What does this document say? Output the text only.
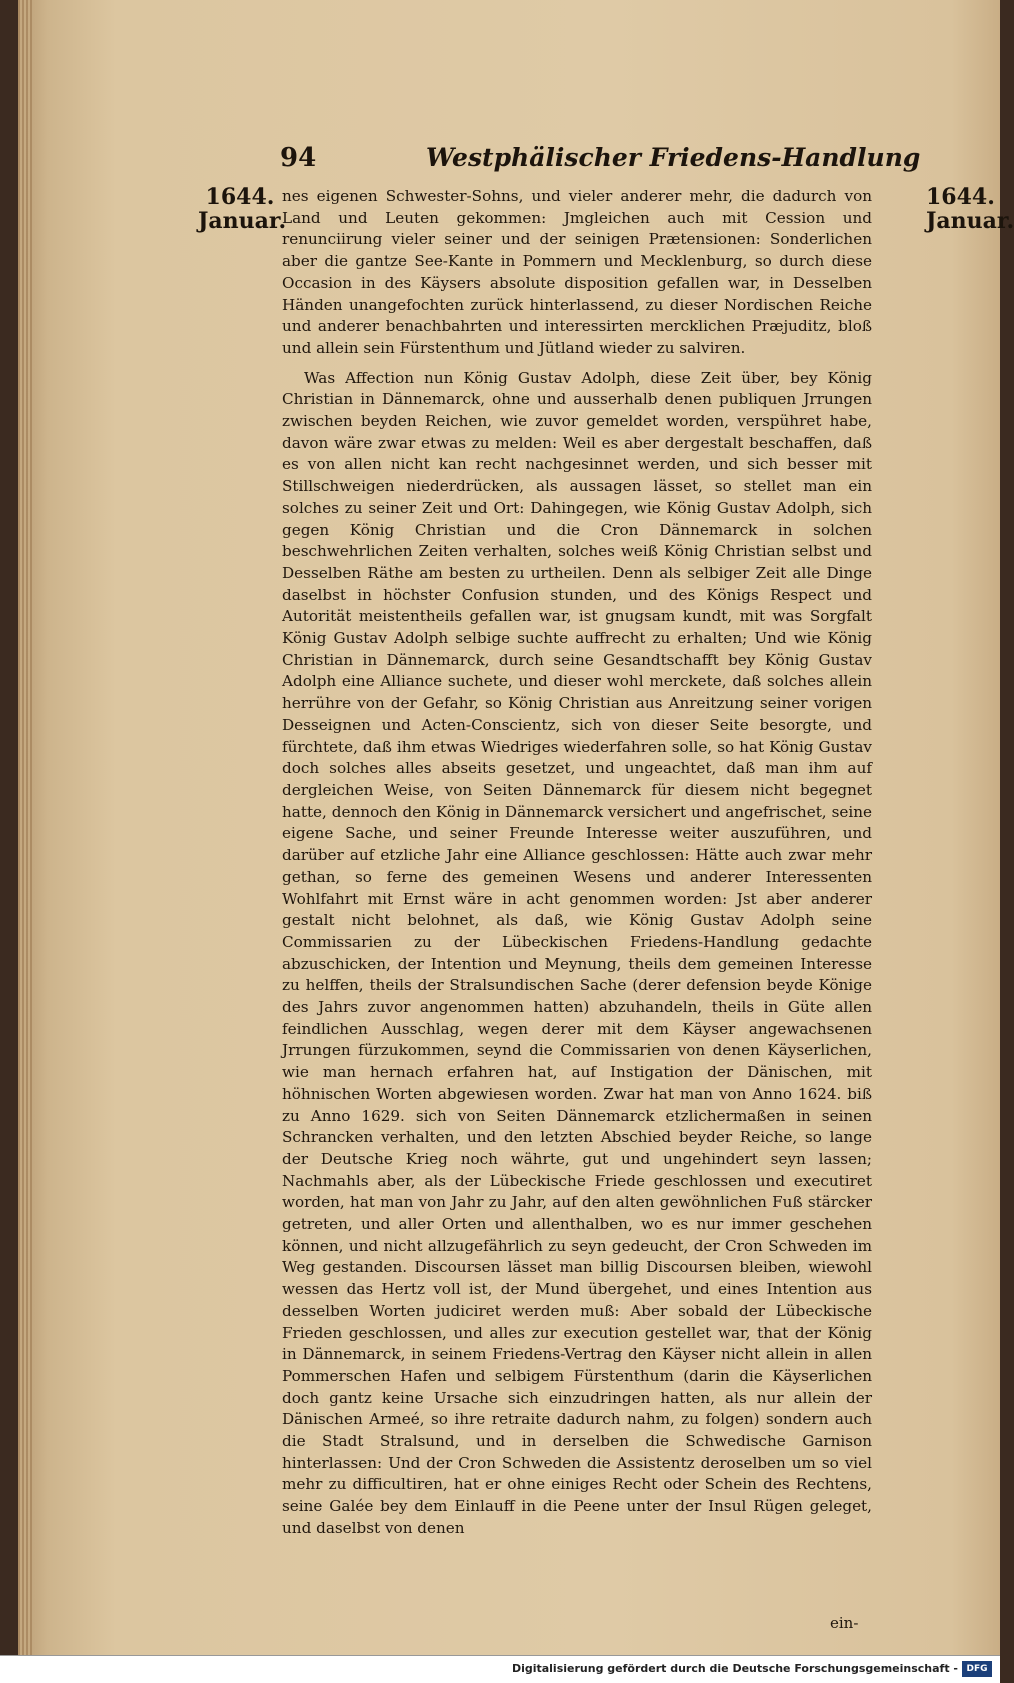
94	Westphälischer Friedens-Handlung
1644.
Januar.
1644.
Januar.

nes eigenen Schwester-Sohns, und vieler anderer mehr, die dadurch von Land und Leuten gekommen: Jmgleichen auch mit Cession und renunciirung vieler seiner und der seinigen Prætensionen: Sonderlichen aber die gantze See-Kante in Pommern und Mecklenburg, so durch diese Occasion in des Käysers absolute disposition gefallen war, in Desselben Händen unangefochten zurück hinterlassend, zu dieser Nordischen Reiche und anderer benachbahrten und interessirten mercklichen Præjuditz, bloß und allein sein Fürstenthum und Jütland wieder zu salviren.

Was Affection nun König Gustav Adolph, diese Zeit über, bey König Christian in Dännemarck, ohne und ausserhalb denen publiquen Jrrungen zwischen beyden Reichen, wie zuvor gemeldet worden, verspühret habe, davon wäre zwar etwas zu melden: Weil es aber dergestalt beschaffen, daß es von allen nicht kan recht nachgesinnet werden, und sich besser mit Stillschweigen niederdrücken, als aussagen lässet, so stellet man ein solches zu seiner Zeit und Ort: Dahingegen, wie König Gustav Adolph, sich gegen König Christian und die Cron Dännemarck in solchen beschwehrlichen Zeiten verhalten, solches weiß König Christian selbst und Desselben Räthe am besten zu urtheilen. Denn als selbiger Zeit alle Dinge daselbst in höchster Confusion stunden, und des Königs Respect und Autorität meistentheils gefallen war, ist gnugsam kundt, mit was Sorgfalt König Gustav Adolph selbige suchte auffrecht zu erhalten; Und wie König Christian in Dännemarck, durch seine Gesandtschafft bey König Gustav Adolph eine Alliance suchete, und dieser wohl merckete, daß solches allein herrühre von der Gefahr, so König Christian aus Anreitzung seiner vorigen Desseignen und Acten-Conscientz, sich von dieser Seite besorgte, und fürchtete, daß ihm etwas Wiedriges wiederfahren solle, so hat König Gustav doch solches alles abseits gesetzet, und ungeachtet, daß man ihm auf dergleichen Weise, von Seiten Dännemarck für diesem nicht begegnet hatte, dennoch den König in Dännemarck versichert und angefrischet, seine eigene Sache, und seiner Freunde Interesse weiter auszuführen, und darüber auf etzliche Jahr eine Alliance geschlossen: Hätte auch zwar mehr gethan, so ferne des gemeinen Wesens und anderer Interessenten Wohlfahrt mit Ernst wäre in acht genommen worden: Jst aber anderer gestalt nicht belohnet, als daß, wie König Gustav Adolph seine Commissarien zu der Lübeckischen Friedens-Handlung gedachte abzuschicken, der Intention und Meynung, theils dem gemeinen Interesse zu helffen, theils der Stralsundischen Sache (derer defension beyde Könige des Jahrs zuvor angenommen hatten) abzuhandeln, theils in Güte allen feindlichen Ausschlag, wegen derer mit dem Käyser angewachsenen Jrrungen fürzukommen, seynd die Commissarien von denen Käyserlichen, wie man hernach erfahren hat, auf Instigation der Dänischen, mit höhnischen Worten abgewiesen worden. Zwar hat man von Anno 1624. biß zu Anno 1629. sich von Seiten Dännemarck etzlichermaßen in seinen Schrancken verhalten, und den letzten Abschied beyder Reiche, so lange der Deutsche Krieg noch währte, gut und ungehindert seyn lassen; Nachmahls aber, als der Lübeckische Friede geschlossen und executiret worden, hat man von Jahr zu Jahr, auf den alten gewöhnlichen Fuß stärcker getreten, und aller Orten und allenthalben, wo es nur immer geschehen können, und nicht allzugefährlich zu seyn gedeucht, der Cron Schweden im Weg gestanden. Discoursen lässet man billig Discoursen bleiben, wiewohl wessen das Hertz voll ist, der Mund übergehet, und eines Intention aus desselben Worten judiciret werden muß: Aber sobald der Lübeckische Frieden geschlossen, und alles zur execution gestellet war, that der König in Dännemarck, in seinem Friedens-Vertrag den Käyser nicht allein in allen Pommerschen Hafen und selbigem Fürstenthum (darin die Käyserlichen doch gantz keine Ursache sich einzudringen hatten, als nur allein der Dänischen Armeé, so ihre retraite dadurch nahm, zu folgen) sondern auch die Stadt Stralsund, und in derselben die Schwedische Garnison hinterlassen: Und der Cron Schweden die Assistentz deroselben um so viel mehr zu difficultiren, hat er ohne einiges Recht oder Schein des Rechtens, seine Galée bey dem Einlauff in die Peene unter der Insul Rügen geleget, und daselbst von denen

ein-
Digitalisierung gefördert durch die Deutsche Forschungsgemeinschaft - DFG
